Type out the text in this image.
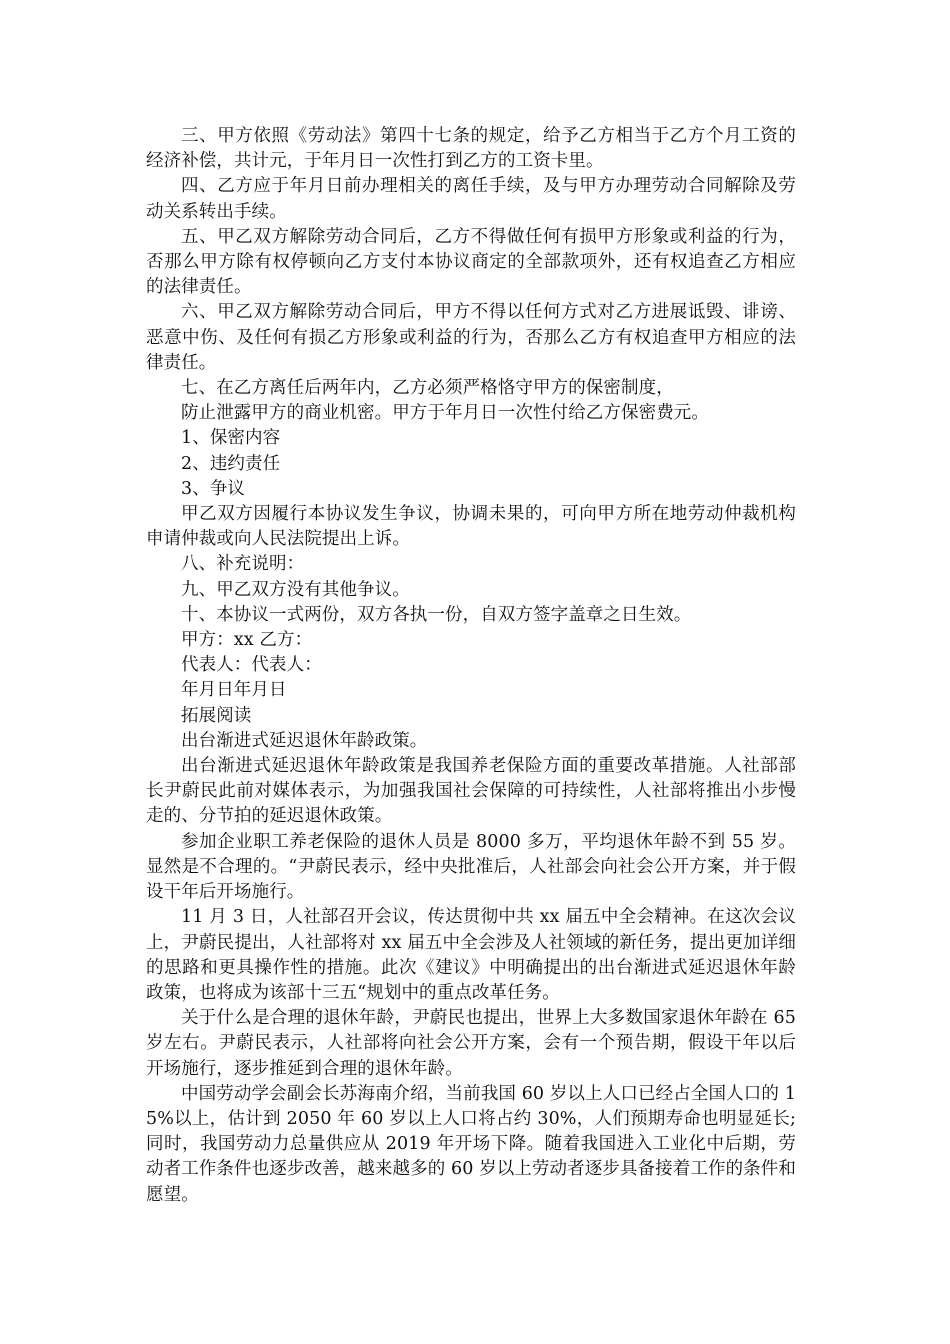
三、甲方依照《劳动法》第四十七条的规定，给予乙方相当于乙方个月工资的经济补偿，共计元，于年月日一次性打到乙方的工资卡里。

四、乙方应于年月日前办理相关的离任手续，及与甲方办理劳动合同解除及劳动关系转出手续。

五、甲乙双方解除劳动合同后，乙方不得做任何有损甲方形象或利益的行为，否那么甲方除有权停顿向乙方支付本协议商定的全部款项外，还有权追查乙方相应的法律责任。

六、甲乙双方解除劳动合同后，甲方不得以任何方式对乙方进展诋毁、诽谤、恶意中伤、及任何有损乙方形象或利益的行为，否那么乙方有权追查甲方相应的法律责任。

七、在乙方离任后两年内，乙方必须严格恪守甲方的保密制度，

防止泄露甲方的商业机密。甲方于年月日一次性付给乙方保密费元。

1、保密内容

2、违约责任

3、争议

甲乙双方因履行本协议发生争议，协调未果的，可向甲方所在地劳动仲裁机构申请仲裁或向人民法院提出上诉。

八、补充说明：

九、甲乙双方没有其他争议。

十、本协议一式两份，双方各执一份，自双方签字盖章之日生效。

甲方：xx 乙方：

代表人：代表人：

年月日年月日

拓展阅读

出台渐进式延迟退休年龄政策。

出台渐进式延迟退休年龄政策是我国养老保险方面的重要改革措施。人社部部长尹蔚民此前对媒体表示，为加强我国社会保障的可持续性，人社部将推出小步慢走的、分节拍的延迟退休政策。

参加企业职工养老保险的退休人员是 8000 多万，平均退休年龄不到 55 岁。显然是不合理的。“尹蔚民表示，经中央批准后，人社部会向社会公开方案，并于假设干年后开场施行。

11 月 3 日，人社部召开会议，传达贯彻中共 xx 届五中全会精神。在这次会议上，尹蔚民提出，人社部将对 xx 届五中全会涉及人社领域的新任务，提出更加详细的思路和更具操作性的措施。此次《建议》中明确提出的出台渐进式延迟退休年龄政策，也将成为该部十三五“规划中的重点改革任务。

关于什么是合理的退休年龄，尹蔚民也提出，世界上大多数国家退休年龄在 65 岁左右。尹蔚民表示，人社部将向社会公开方案，会有一个预告期，假设干年以后开场施行，逐步推延到合理的退休年龄。

中国劳动学会副会长苏海南介绍，当前我国 60 岁以上人口已经占全国人口的 15%以上，估计到 2050 年 60 岁以上人口将占约 30%，人们预期寿命也明显延长;同时，我国劳动力总量供应从 2019 年开场下降。随着我国进入工业化中后期，劳动者工作条件也逐步改善，越来越多的 60 岁以上劳动者逐步具备接着工作的条件和愿望。
